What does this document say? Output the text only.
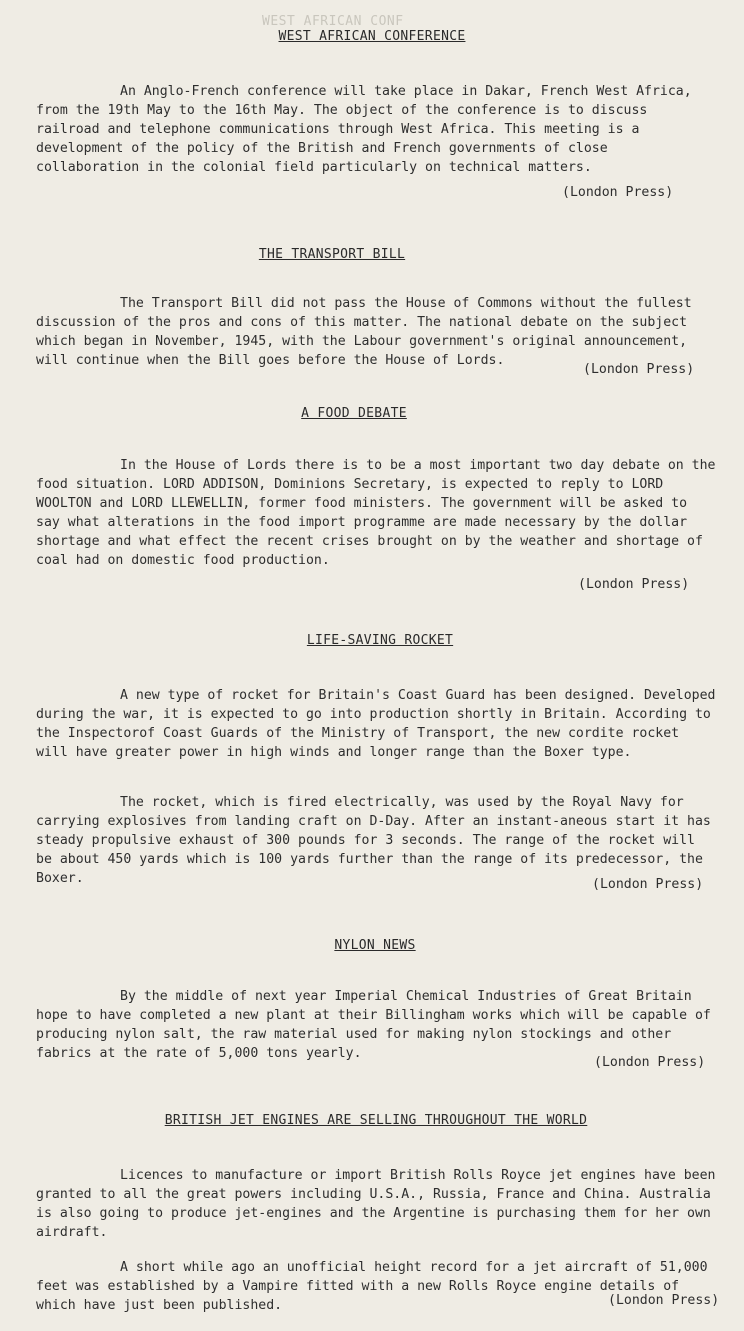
WEST AFRICAN CONF
WEST AFRICAN CONFERENCE
An Anglo-French conference will take place in Dakar, French West Africa, from the 19th May to the 16th May. The object of the conference is to discuss railroad and telephone communications through West Africa. This meeting is a development of the policy of the British and French governments of close collaboration in the colonial field particularly on technical matters.
(London Press)
THE TRANSPORT BILL
The Transport Bill did not pass the House of Commons without the fullest discussion of the pros and cons of this matter. The national debate on the subject which began in November, 1945, with the Labour government's original announcement, will continue when the Bill goes before the House of Lords.
(London Press)
A FOOD DEBATE
In the House of Lords there is to be a most important two day debate on the food situation. LORD ADDISON, Dominions Secretary, is expected to reply to LORD WOOLTON and LORD LLEWELLIN, former food ministers. The government will be asked to say what alterations in the food import programme are made necessary by the dollar shortage and what effect the recent crises brought on by the weather and shortage of coal had on domestic food production.
(London Press)
LIFE-SAVING ROCKET
A new type of rocket for Britain's Coast Guard has been designed. Developed during the war, it is expected to go into production shortly in Britain. According to the Inspectorof Coast Guards of the Ministry of Transport, the new cordite rocket will have greater power in high winds and longer range than the Boxer type.
The rocket, which is fired electrically, was used by the Royal Navy for carrying explosives from landing craft on D-Day. After an instant-aneous start it has steady propulsive exhaust of 300 pounds for 3 seconds. The range of the rocket will be about 450 yards which is 100 yards further than the range of its predecessor, the Boxer.	(London Press)
NYLON NEWS
By the middle of next year Imperial Chemical Industries of Great Britain hope to have completed a new plant at their Billingham works which will be capable of producing nylon salt, the raw material used for making nylon stockings and other fabrics at the rate of 5,000 tons yearly.
(London Press)
BRITISH JET ENGINES ARE SELLING THROUGHOUT THE WORLD
Licences to manufacture or import British Rolls Royce jet engines have been granted to all the great powers including U.S.A., Russia, France and China. Australia is also going to produce jet-engines and the Argentine is purchasing them for her own airdraft.
A short while ago an unofficial height record for a jet aircraft of 51,000 feet was established by a Vampire fitted with a new Rolls Royce engine details of which have just been published.	(London Press)
